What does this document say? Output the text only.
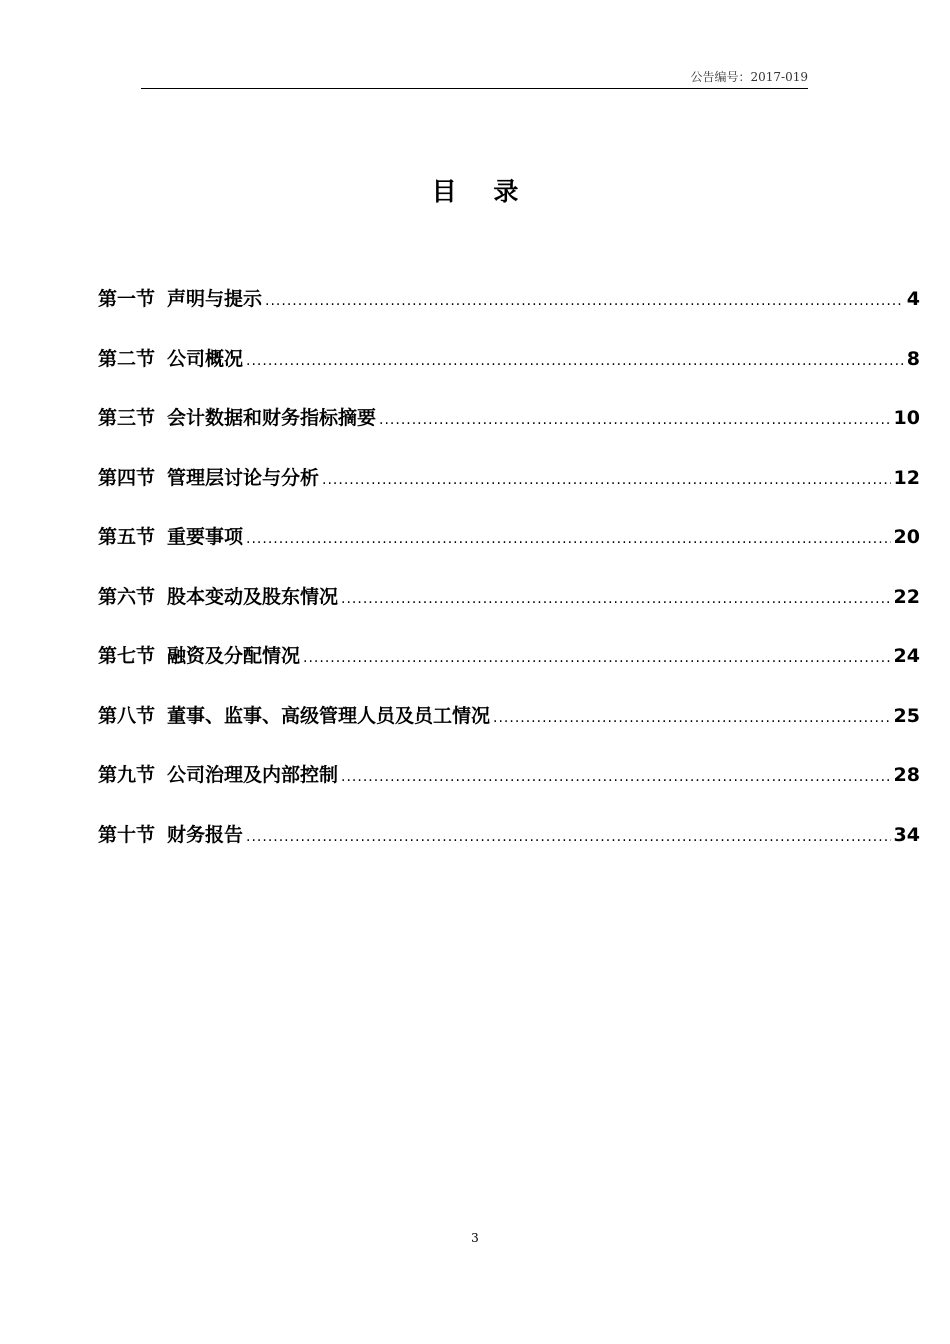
公告编号：2017-019
目 录
第一节 声明与提示 .....	4
第二节 公司概况 .....	8
第三节 会计数据和财务指标摘要 .....	10
第四节 管理层讨论与分析 .....	12
第五节 重要事项 .....	20
第六节 股本变动及股东情况 .....	22
第七节 融资及分配情况 .....	24
第八节 董事、监事、高级管理人员及员工情况 .....	25
第九节 公司治理及内部控制 .....	28
第十节 财务报告 .....	34
3
